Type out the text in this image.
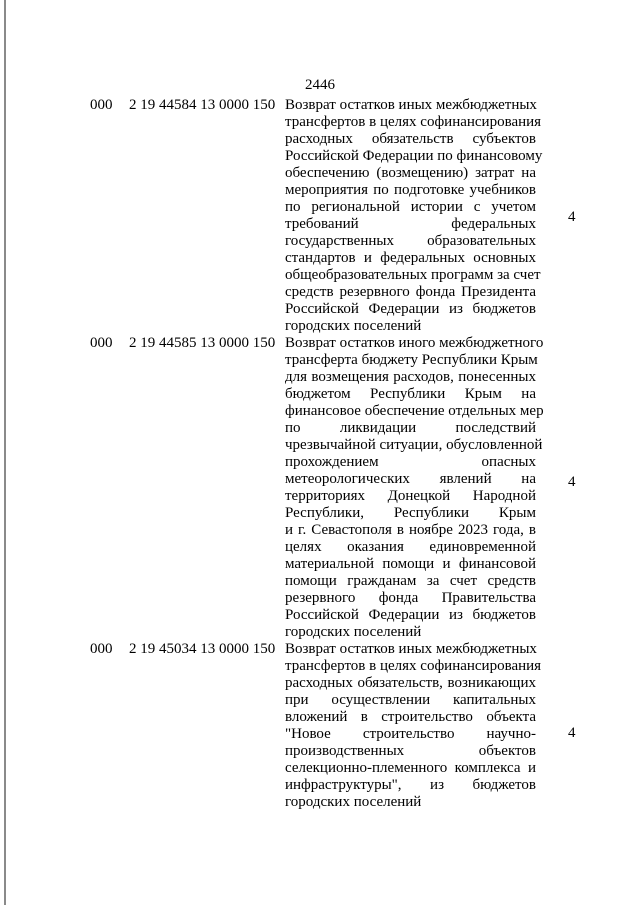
2446
000 2 19 44584 13 0000 150 Возврат остатков иных межбюджетных
трансфертов в целях софинансирования
расходных обязательств субъектов
Российской Федерации по финансовому
обеспечению (возмещению) затрат на
мероприятия по подготовке учебников
по региональной истории с учетом
требований федеральных
государственных образовательных
стандартов и федеральных основных
общеобразовательных программ за счет
средств резервного фонда Президента
Российской Федерации из бюджетов
городских поселений
4
000 2 19 44585 13 0000 150 Возврат остатков иного межбюджетного
трансферта бюджету Республики Крым
для возмещения расходов, понесенных
бюджетом Республики Крым на
финансовое обеспечение отдельных мер
по ликвидации последствий
чрезвычайной ситуации, обусловленной
прохождением опасных
метеорологических явлений на
территориях Донецкой Народной
Республики, Республики Крым
и г. Севастополя в ноябре 2023 года, в
целях оказания единовременной
материальной помощи и финансовой
помощи гражданам за счет средств
резервного фонда Правительства
Российской Федерации из бюджетов
городских поселений
4
000 2 19 45034 13 0000 150 Возврат остатков иных межбюджетных
трансфертов в целях софинансирования
расходных обязательств, возникающих
при осуществлении капитальных
вложений в строительство объекта
"Новое строительство научно-
производственных объектов
селекционно-племенного комплекса и
инфраструктуры", из бюджетов
городских поселений
4
